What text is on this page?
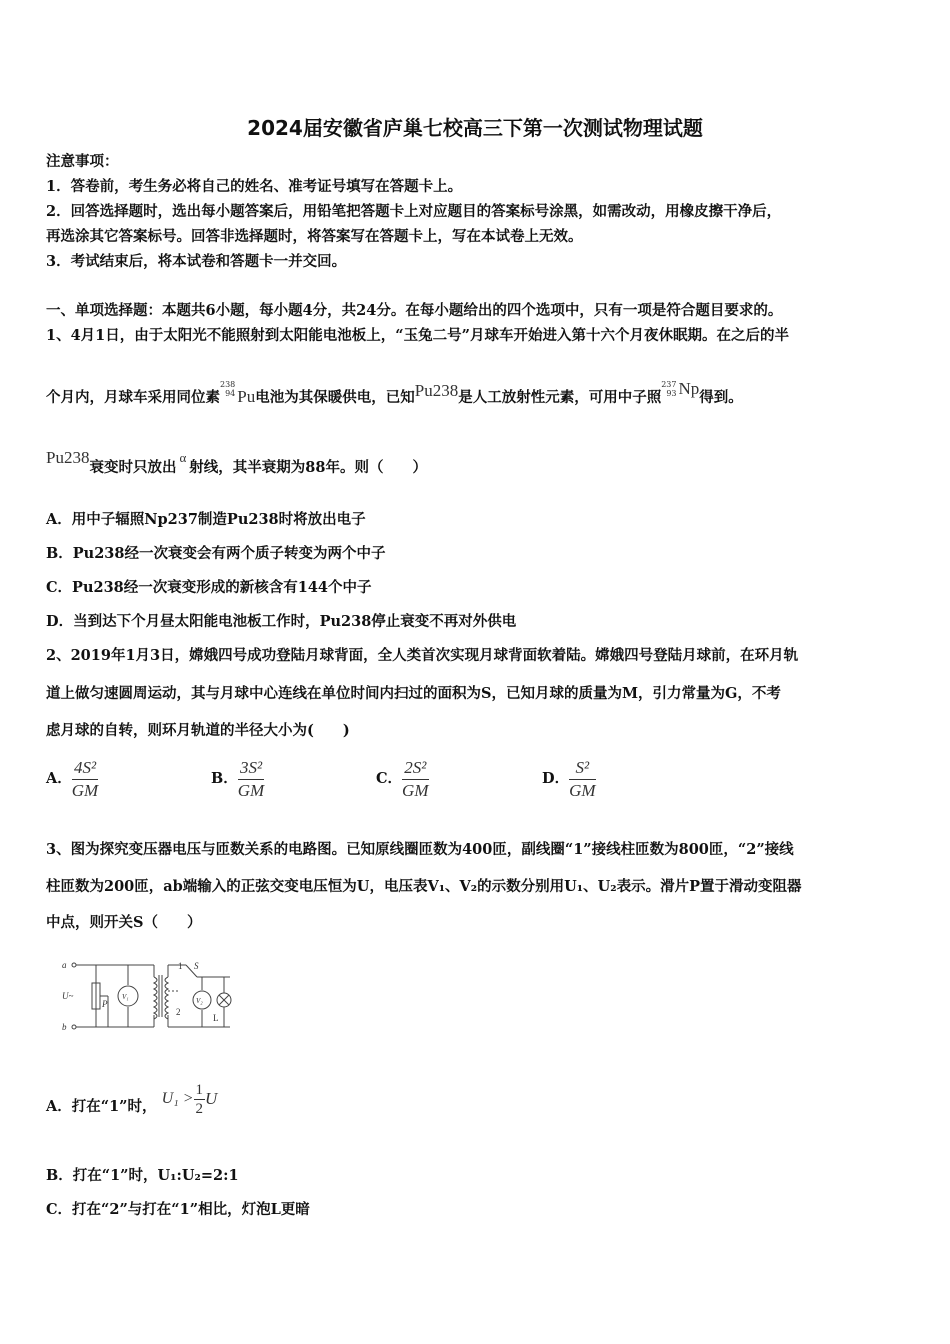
2024届安徽省庐巢七校高三下第一次测试物理试题
注意事项：
1．答卷前，考生务必将自己的姓名、准考证号填写在答题卡上。
2．回答选择题时，选出每小题答案后，用铅笔把答题卡上对应题目的答案标号涂黑，如需改动，用橡皮擦干净后，
再选涂其它答案标号。回答非选择题时，将答案写在答题卡上，写在本试卷上无效。
3．考试结束后，将本试卷和答题卡一并交回。
一、单项选择题：本题共6小题，每小题4分，共24分。在每小题给出的四个选项中，只有一项是符合题目要求的。
1、4月1日，由于太阳光不能照射到太阳能电池板上，“玉兔二号”月球车开始进入第十六个月夜休眠期。在之后的半
个月内，月球车采用同位素238
94 Pu电池为其保暖供电，已知Pu238是人工放射性元素，可用中子照237
93 Np得到。
Pu238衰变时只放出α射线，其半衰期为88年。则（　　）
A．用中子辐照Np237制造Pu238时将放出电子
B．Pu238经一次衰变会有两个质子转变为两个中子
C．Pu238经一次衰变形成的新核含有144个中子
D．当到达下个月昼太阳能电池板工作时，Pu238停止衰变不再对外供电
2、2019年1月3日，嫦娥四号成功登陆月球背面，全人类首次实现月球背面软着陆。嫦娥四号登陆月球前，在环月轨
道上做匀速圆周运动，其与月球中心连线在单位时间内扫过的面积为S，已知月球的质量为M，引力常量为G，不考
虑月球的自转，则环月轨道的半径大小为(　　)
A． $\frac{\text{4S²}}{GM}$	B． $\frac{\text{3S²}}{GM}$	C． $\frac{\text{2S²}}{GM}$	D． $\frac{\text{S²}}{GM}$
3、图为探究变压器电压与匝数关系的电路图。已知原线圈匝数为400匝，副线圈“1”接线柱匝数为800匝，“2”接线
柱匝数为200匝，ab端输入的正弦交变电压恒为U，电压表V₁、V₂的示数分别用U₁、U₂表示。滑片P置于滑动变阻器
中点，则开关S（　　）
a
b
U~
P
V₁	V₂
S
1
2
L
A．打在“1”时， $U_1 > \frac{1}{2}$ U
B．打在“1”时，U₁:U₂=2:1
C．打在“2”与打在“1”相比，灯泡L更暗
